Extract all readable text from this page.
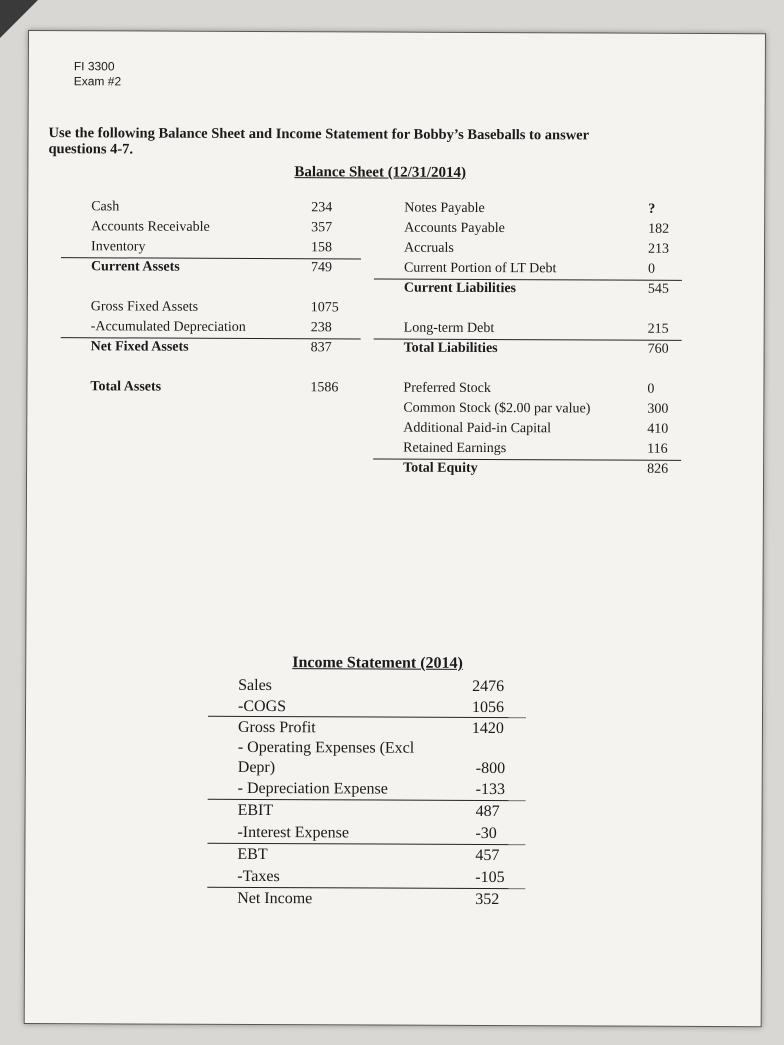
FI 3300
Exam #2
Use the following Balance Sheet and Income Statement for Bobby’s Baseballs to answer questions 4-7.
Balance Sheet (12/31/2014)
Cash	234
Accounts Receivable	357
Inventory	158
Current Assets	749
Gross Fixed Assets	1075
-Accumulated Depreciation	238
Net Fixed Assets	837
Total Assets	1586
Notes Payable	?
Accounts Payable	182
Accruals	213
Current Portion of LT Debt	0
Current Liabilities	545
Long-term Debt	215
Total Liabilities	760
Preferred Stock	0
Common Stock ($2.00 par value)	300
Additional Paid-in Capital	410
Retained Earnings	116
Total Equity	826
Income Statement (2014)
Sales	2476
-COGS	1056
Gross Profit	1420
- Operating Expenses (Excl
Depr)	-800
- Depreciation Expense	-133
EBIT	487
-Interest Expense	-30
EBT	457
-Taxes	-105
Net Income	352
